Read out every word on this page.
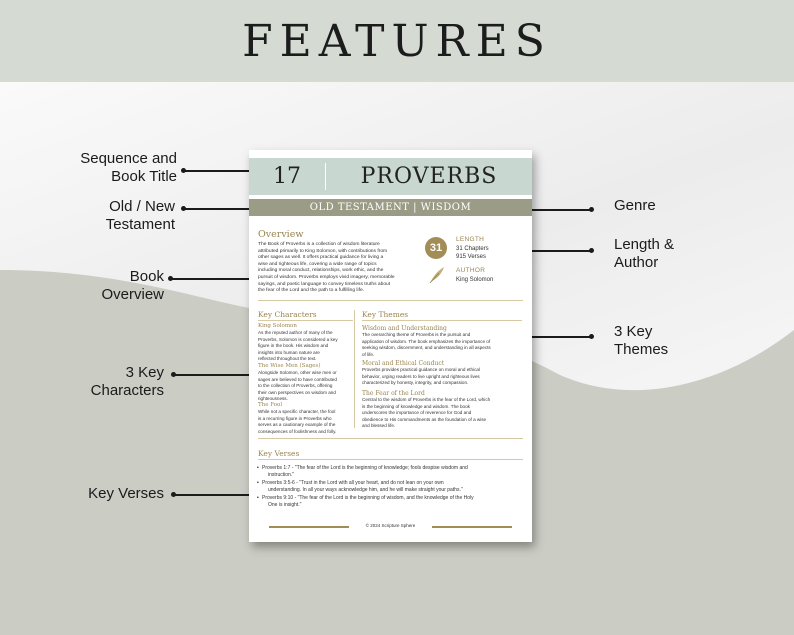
FEATURES
Sequence and
Book Title
Old / New
Testament
Book
Overview
3 Key
Characters
Key Verses
Genre
Length &
Author
3 Key
Themes
17	PROVERBS
OLD TESTAMENT | WISDOM
Overview
The Book of Proverbs is a collection of wisdom literature
attributed primarily to King Solomon, with contributions from
other sages as well. It offers practical guidance for living a
wise and righteous life, covering a wide range of topics
including moral conduct, relationships, work ethic, and the
pursuit of wisdom. Proverbs employs vivid imagery, memorable
sayings, and poetic language to convey timeless truths about
the fear of the Lord and the path to a fulfilling life.
31
LENGTH
31 Chapters
915 Verses
AUTHOR
King Solomon
Key Characters
King Solomon
As the reputed author of many of the
Proverbs, Solomon is considered a key
figure in the book. His wisdom and
insights into human nature are
reflected throughout the text.
The Wise Men (Sages)
Alongside Solomon, other wise men or
sages are believed to have contributed
to the collection of Proverbs, offering
their own perspectives on wisdom and
righteousness.
The Fool
While not a specific character, the fool
is a recurring figure in Proverbs who
serves as a cautionary example of the
consequences of foolishness and folly.
Key Themes
Wisdom and Understanding
The overarching theme of Proverbs is the pursuit and
application of wisdom. The book emphasizes the importance of
seeking wisdom, discernment, and understanding in all aspects
of life.
Moral and Ethical Conduct
Proverbs provides practical guidance on moral and ethical
behavior, urging readers to live upright and righteous lives
characterized by honesty, integrity, and compassion.
The Fear of the Lord
Central to the wisdom of Proverbs is the fear of the Lord, which
is the beginning of knowledge and wisdom. The book
underscores the importance of reverence for God and
obedience to His commandments as the foundation of a wise
and blessed life.
Key Verses
Proverbs 1:7 - "The fear of the Lord is the beginning of knowledge; fools despise wisdom and
instruction."
Proverbs 3:5-6 - "Trust in the Lord with all your heart, and do not lean on your own
understanding. In all your ways acknowledge him, and he will make straight your paths."
Proverbs 9:10 - "The fear of the Lord is the beginning of wisdom, and the knowledge of the Holy
One is insight."
•
•
•
© 2024 Scripture Sphere
